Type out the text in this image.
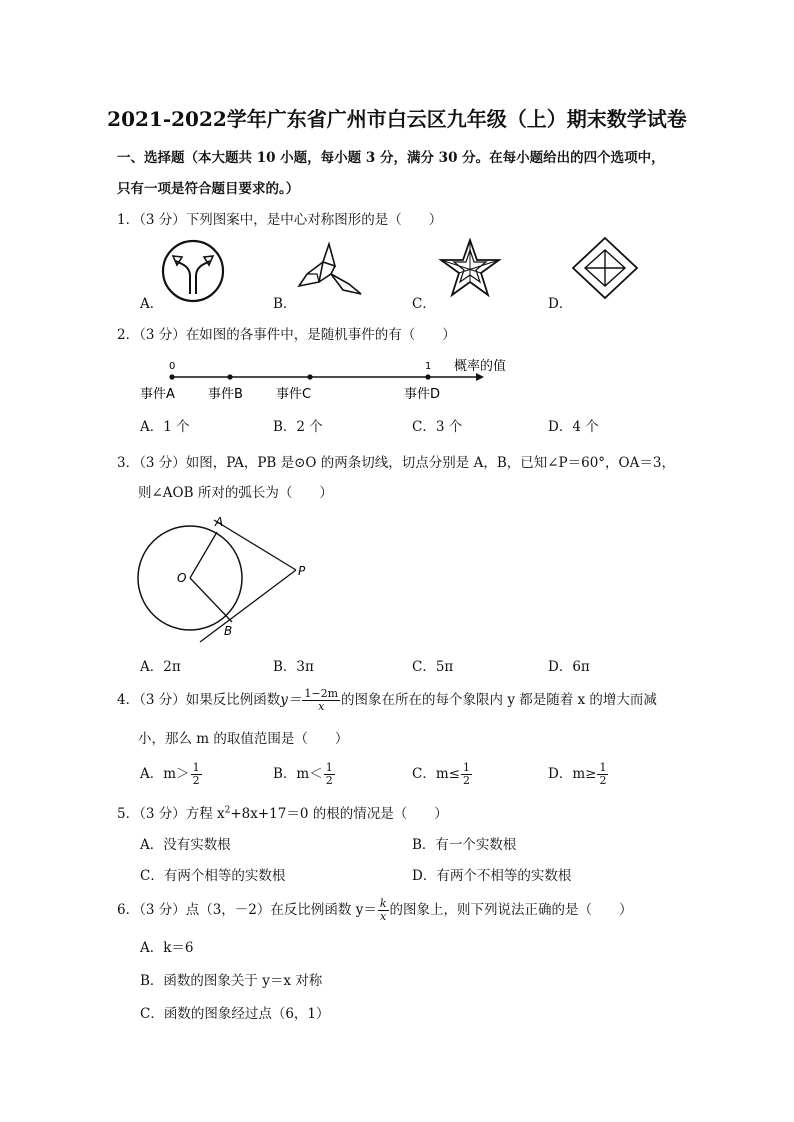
2021-2022学年广东省广州市白云区九年级（上）期末数学试卷
一、选择题（本大题共 10 小题，每小题 3 分，满分 30 分。在每小题给出的四个选项中，
只有一项是符合题目要求的。）
1．（3 分）下列图案中，是中心对称图形的是（　　）
A．	B．	C．	D．
2．（3 分）在如图的各事件中，是随机事件的有（　　）
0	1 概率的值
事件A	事件B	事件C	事件D
A．1 个	B．2 个	C．3 个	D．4 个
3．（3 分）如图，PA，PB 是⊙O 的两条切线，切点分别是 A，B，已知∠P＝60°，OA＝3，
则∠AOB 所对的弧长为（　　）
A
O	P
B
A．2π	B．3π	C．5π	D．6π
4．（3 分）如果反比例函数$y= \frac{1-2m}{x}$ 的图象在所在的每个象限内 y 都是随着 x 的增大而减
小，那么 m 的取值范围是（　　）
A．$m> \frac{1}{2}$	B．$m< \frac{1}{2}$	C．$m\le \frac{1}{2}$	D．$m\ge \frac{1}{2}$
5．（3 分）方程 $x^2+8x+17=0$ 的根的情况是（　　）
A．没有实数根	B．有一个实数根
C．有两个相等的实数根	D．有两个不相等的实数根
6．（3 分）点（3，－2）在反比例函数 $y= \frac{k}{x}$ 的图象上，则下列说法正确的是（　　）
A．k＝6
B．函数的图象关于 y＝x 对称
C．函数的图象经过点（6，1）
